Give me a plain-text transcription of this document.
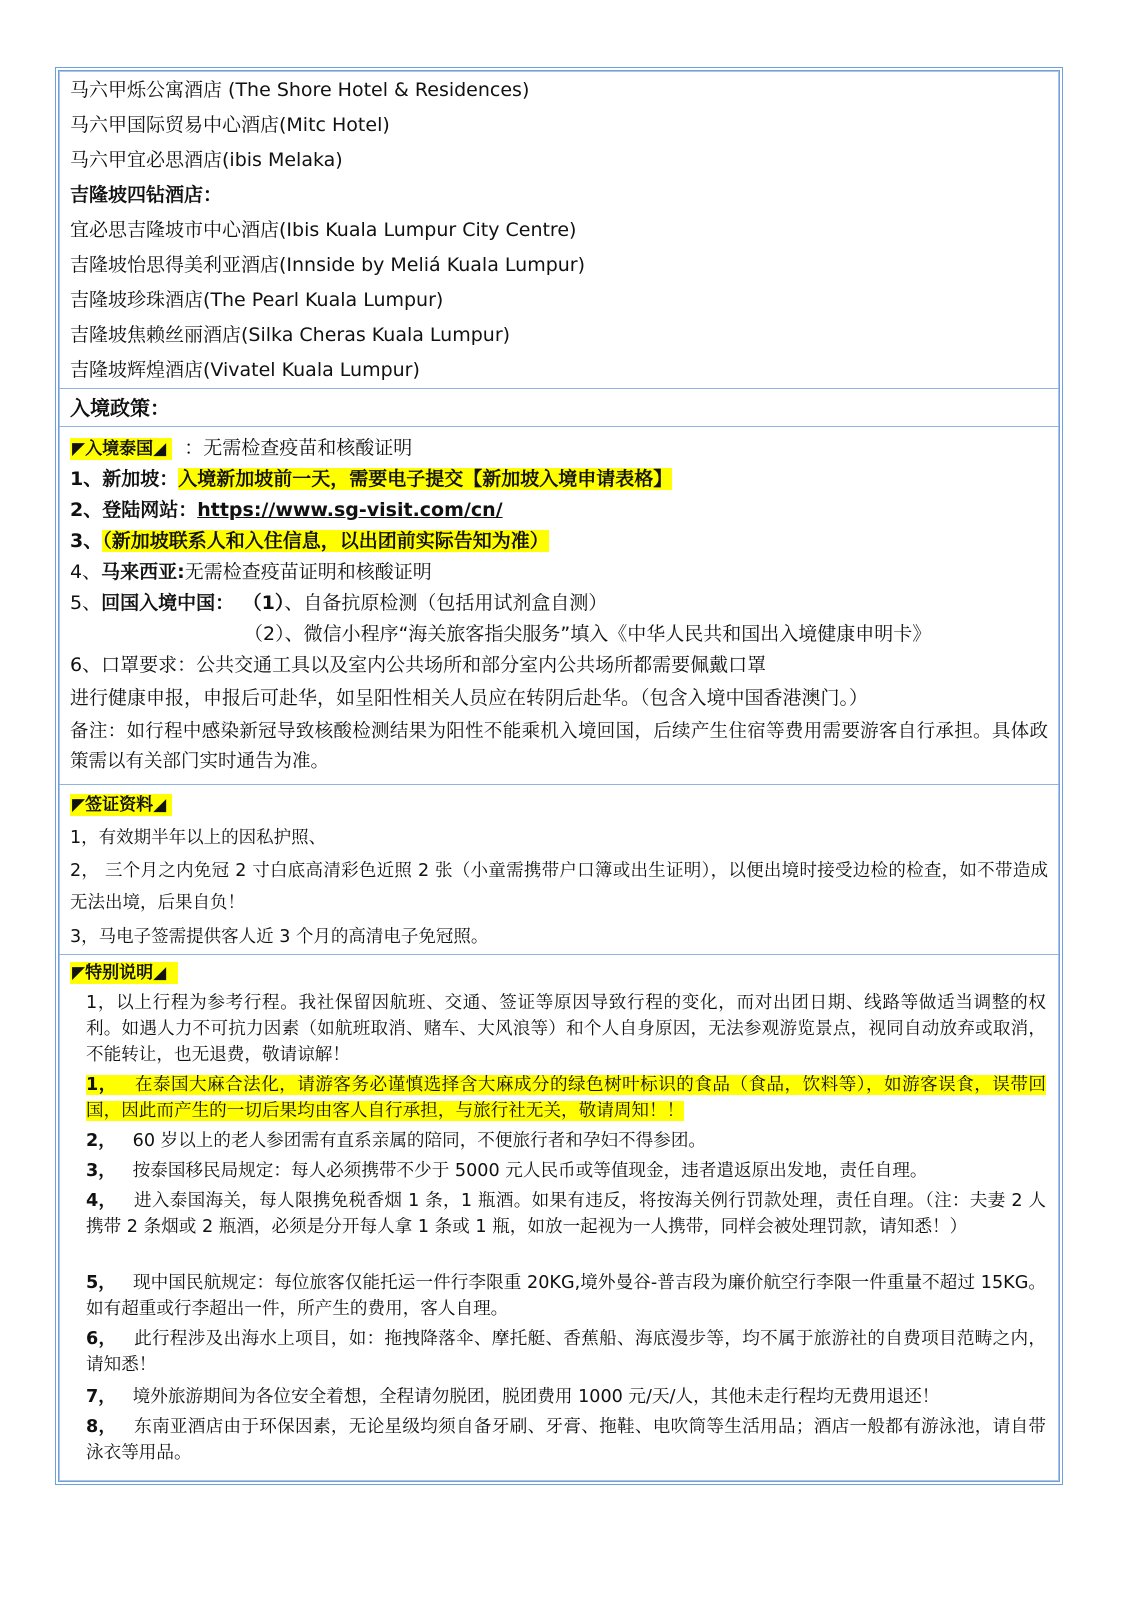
马六甲烁公寓酒店 (The Shore Hotel & Residences)
马六甲国际贸易中心酒店(Mitc Hotel)
马六甲宜必思酒店(ibis Melaka)
吉隆坡四钻酒店：
宜必思吉隆坡市中心酒店(Ibis Kuala Lumpur City Centre)
吉隆坡怡思得美利亚酒店(Innside by Meliá Kuala Lumpur)
吉隆坡珍珠酒店(The Pearl Kuala Lumpur)
吉隆坡焦赖丝丽酒店(Silka Cheras Kuala Lumpur)
吉隆坡辉煌酒店(Vivatel Kuala Lumpur)
入境政策：
◤入境泰国◢ ：无需检查疫苗和核酸证明
1、新加坡：入境新加坡前一天，需要电子提交【新加坡入境申请表格】
2、登陆网站：https://www.sg-visit.com/cn/
3、（新加坡联系人和入住信息，以出团前实际告知为准）
4、马来西亚:无需检查疫苗证明和核酸证明
5、回国入境中国： （1）、自备抗原检测（包括用试剂盒自测）
（2）、微信小程序“海关旅客指尖服务”填入《中华人民共和国出入境健康申明卡》
6、口罩要求：公共交通工具以及室内公共场所和部分室内公共场所都需要佩戴口罩
进行健康申报，申报后可赴华，如呈阳性相关人员应在转阴后赴华。（包含入境中国香港澳门。）
备注：如行程中感染新冠导致核酸检测结果为阳性不能乘机入境回国，后续产生住宿等费用需要游客自行承担。具体政策需以有关部门实时通告为准。
◤签证资料◢
1，有效期半年以上的因私护照、
2， 三个月之内免冠 2 寸白底高清彩色近照 2 张（小童需携带户口簿或出生证明），以便出境时接受边检的检查，如不带造成无法出境，后果自负！
3，马电子签需提供客人近 3 个月的高清电子免冠照。
◤特别说明◢
1，以上行程为参考行程。我社保留因航班、交通、签证等原因导致行程的变化，而对出团日期、线路等做适当调整的权利。如遇人力不可抗力因素（如航班取消、赌车、大风浪等）和个人自身原因，无法参观游览景点，视同自动放弃或取消，不能转让，也无退费，敬请谅解！
1， 在泰国大麻合法化，请游客务必谨慎选择含大麻成分的绿色树叶标识的食品（食品，饮料等），如游客误食，误带回国，因此而产生的一切后果均由客人自行承担，与旅行社无关，敬请周知！！
2， 60 岁以上的老人参团需有直系亲属的陪同，不便旅行者和孕妇不得参团。
3， 按泰国移民局规定：每人必须携带不少于 5000 元人民币或等值现金，违者遣返原出发地，责任自理。
4， 进入泰国海关，每人限携免税香烟 1 条，1 瓶酒。如果有违反，将按海关例行罚款处理，责任自理。（注：夫妻 2 人携带 2 条烟或 2 瓶酒，必须是分开每人拿 1 条或 1 瓶，如放一起视为一人携带，同样会被处理罚款，请知悉！）
5， 现中国民航规定：每位旅客仅能托运一件行李限重 20KG,境外曼谷-普吉段为廉价航空行李限一件重量不超过 15KG。如有超重或行李超出一件，所产生的费用，客人自理。
6， 此行程涉及出海水上项目，如：拖拽降落伞、摩托艇、香蕉船、海底漫步等，均不属于旅游社的自费项目范畴之内，请知悉！
7， 境外旅游期间为各位安全着想，全程请勿脱团，脱团费用 1000 元/天/人，其他未走行程均无费用退还！
8， 东南亚酒店由于环保因素，无论星级均须自备牙刷、牙膏、拖鞋、电吹筒等生活用品；酒店一般都有游泳池，请自带泳衣等用品。
